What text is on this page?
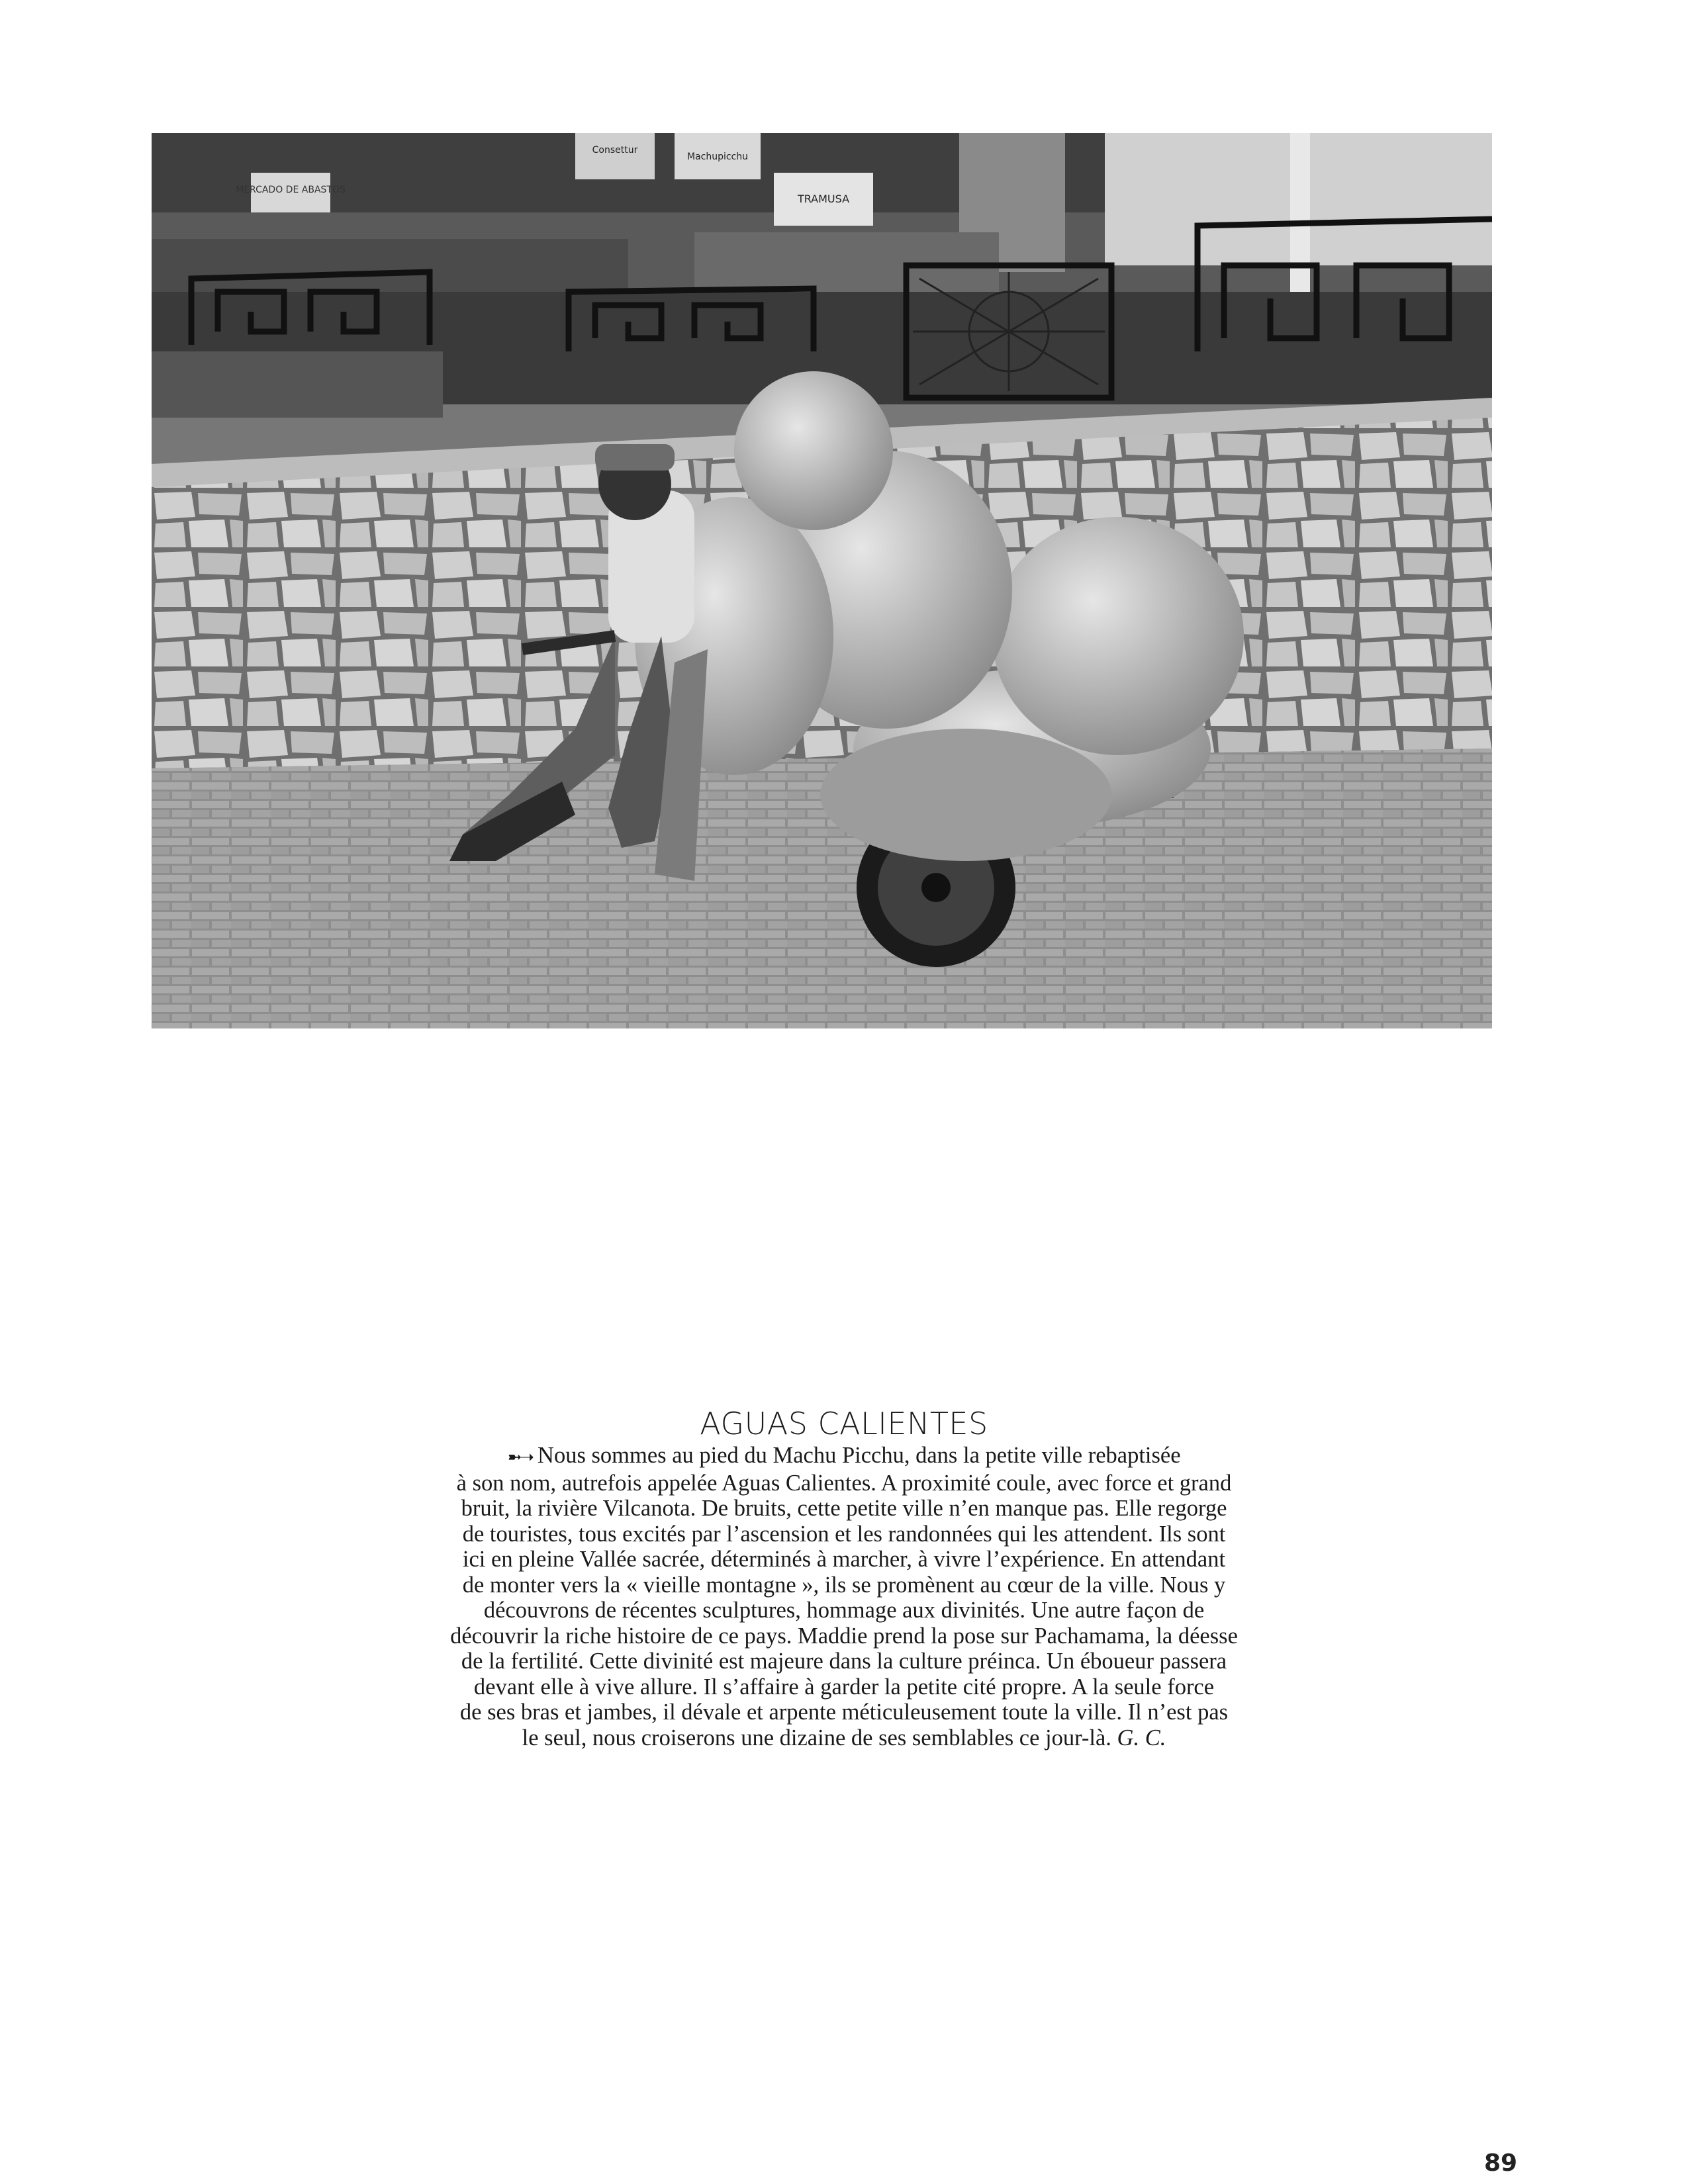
MERCADO DE ABASTOS
Consettur
Machupicchu
TRAMUSA
AGUAS CALIENTES
➼➝ Nous sommes au pied du Machu Picchu, dans la petite ville rebaptisée
à son nom, autrefois appelée Aguas Calientes. A proximité coule, avec force et grand
bruit, la rivière Vilcanota. De bruits, cette petite ville n’en manque pas. Elle regorge
de touristes, tous excités par l’ascension et les randonnées qui les attendent. Ils sont
ici en pleine Vallée sacrée, déterminés à marcher, à vivre l’expérience. En attendant
de monter vers la « vieille montagne », ils se promènent au cœur de la ville. Nous y
découvrons de récentes sculptures, hommage aux divinités. Une autre façon de
découvrir la riche histoire de ce pays. Maddie prend la pose sur Pachamama, la déesse
de la fertilité. Cette divinité est majeure dans la culture préinca. Un éboueur passera
devant elle à vive allure. Il s’affaire à garder la petite cité propre. A la seule force
de ses bras et jambes, il dévale et arpente méticuleusement toute la ville. Il n’est pas
le seul, nous croiserons une dizaine de ses semblables ce jour-là. G. C.
89
